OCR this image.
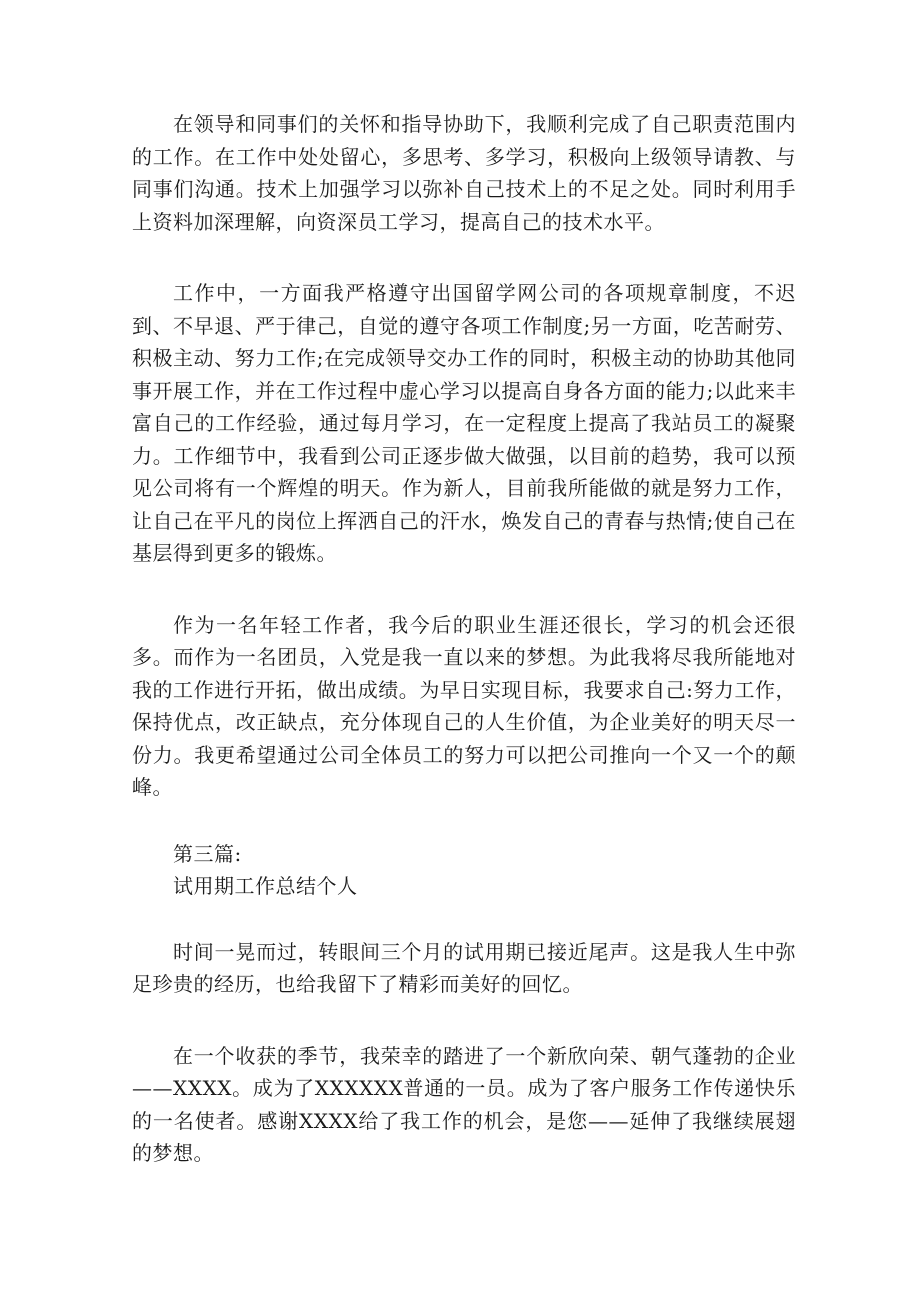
在领导和同事们的关怀和指导协助下，我顺利完成了自己职责范围内的工作。在工作中处处留心，多思考、多学习，积极向上级领导请教、与同事们沟通。技术上加强学习以弥补自己技术上的不足之处。同时利用手上资料加深理解，向资深员工学习，提高自己的技术水平。

工作中，一方面我严格遵守出国留学网公司的各项规章制度，不迟到、不早退、严于律己，自觉的遵守各项工作制度;另一方面，吃苦耐劳、积极主动、努力工作;在完成领导交办工作的同时，积极主动的协助其他同事开展工作，并在工作过程中虚心学习以提高自身各方面的能力;以此来丰富自己的工作经验，通过每月学习，在一定程度上提高了我站员工的凝聚力。工作细节中，我看到公司正逐步做大做强，以目前的趋势，我可以预见公司将有一个辉煌的明天。作为新人，目前我所能做的就是努力工作，让自己在平凡的岗位上挥洒自己的汗水，焕发自己的青春与热情;使自己在基层得到更多的锻炼。

作为一名年轻工作者，我今后的职业生涯还很长，学习的机会还很多。而作为一名团员，入党是我一直以来的梦想。为此我将尽我所能地对我的工作进行开拓，做出成绩。为早日实现目标，我要求自己:努力工作，保持优点，改正缺点，充分体现自己的人生价值，为企业美好的明天尽一份力。我更希望通过公司全体员工的努力可以把公司推向一个又一个的颠峰。

第三篇:

试用期工作总结个人

时间一晃而过，转眼间三个月的试用期已接近尾声。这是我人生中弥足珍贵的经历，也给我留下了精彩而美好的回忆。

在一个收获的季节，我荣幸的踏进了一个新欣向荣、朝气蓬勃的企业——XXXX。成为了XXXXXX普通的一员。成为了客户服务工作传递快乐的一名使者。感谢XXXX给了我工作的机会，是您——延伸了我继续展翅的梦想。
